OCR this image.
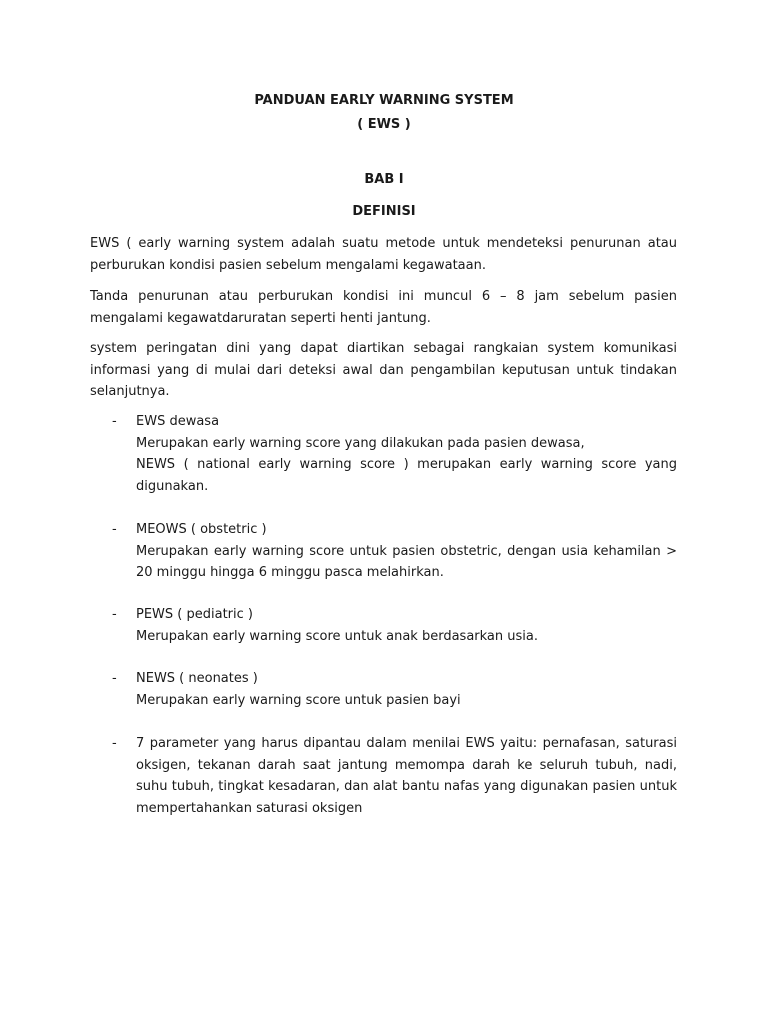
PANDUAN EARLY WARNING SYSTEM
( EWS )
BAB I
DEFINISI
EWS ( early warning system adalah suatu metode untuk mendeteksi penurunan atau perburukan kondisi pasien sebelum mengalami kegawataan.
Tanda penurunan atau perburukan kondisi ini muncul 6 – 8 jam sebelum pasien mengalami kegawatdaruratan seperti henti jantung.
system peringatan dini yang dapat diartikan sebagai rangkaian system komunikasi informasi yang di mulai dari deteksi awal dan pengambilan keputusan untuk tindakan selanjutnya.
- EWS dewasa
Merupakan early warning score yang dilakukan pada pasien dewasa,
NEWS ( national early warning score ) merupakan early warning score yang digunakan.
- MEOWS ( obstetric )
Merupakan early warning score untuk pasien obstetric, dengan usia kehamilan > 20 minggu hingga 6 minggu pasca melahirkan.
- PEWS ( pediatric )
Merupakan early warning score untuk anak berdasarkan usia.
- NEWS ( neonates )
Merupakan early warning score untuk pasien bayi
- 7 parameter yang harus dipantau dalam menilai EWS yaitu: pernafasan, saturasi oksigen, tekanan darah saat jantung memompa darah ke seluruh tubuh, nadi, suhu tubuh, tingkat kesadaran, dan alat bantu nafas yang digunakan pasien untuk mempertahankan saturasi oksigen
